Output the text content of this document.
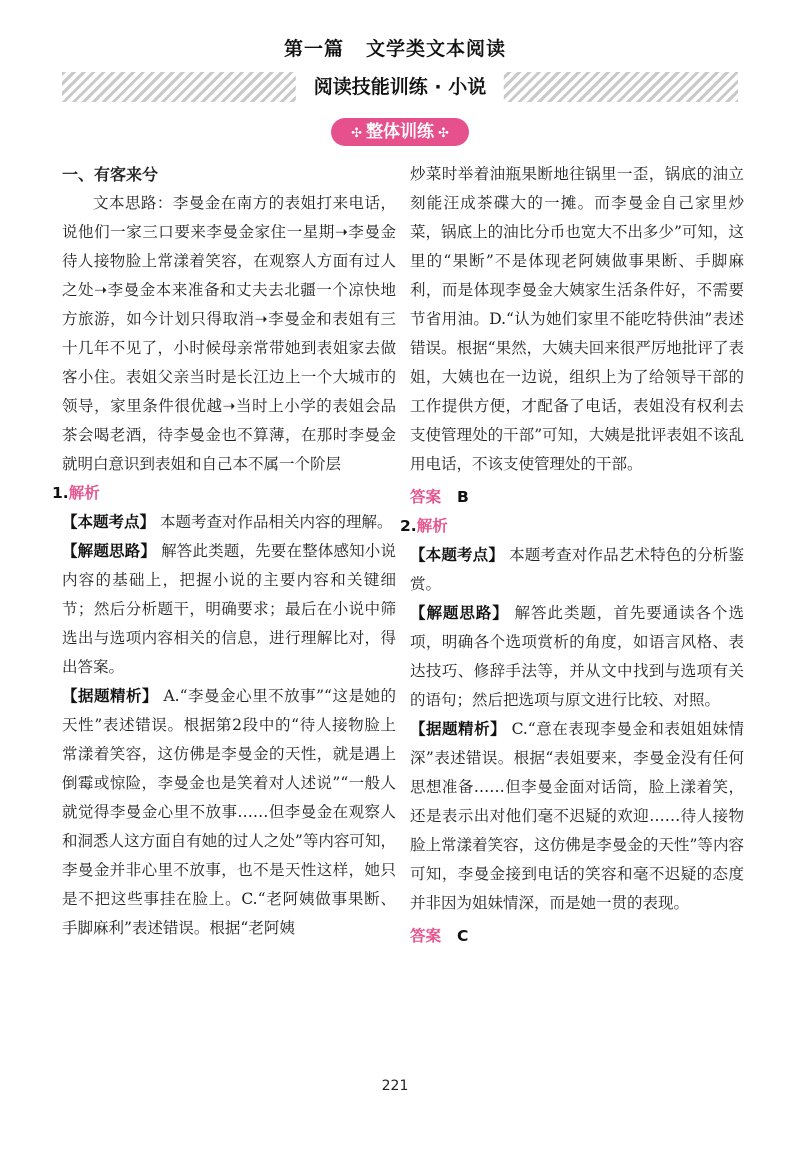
第一篇 文学类文本阅读
阅读技能训练 · 小说
✣ 整体训练 ✣

一、有客来兮

文本思路：李曼金在南方的表姐打来电话，说他们一家三口要来李曼金家住一星期➝李曼金待人接物脸上常漾着笑容，在观察人方面有过人之处➝李曼金本来准备和丈夫去北疆一个凉快地方旅游，如今计划只得取消➝李曼金和表姐有三十几年不见了，小时候母亲常带她到表姐家去做客小住。表姐父亲当时是长江边上一个大城市的领导，家里条件很优越➝当时上小学的表姐会品茶会喝老酒，待李曼金也不算薄，在那时李曼金就明白意识到表姐和自己本不属一个阶层

1.解析

【本题考点】 本题考查对作品相关内容的理解。

【解题思路】 解答此类题，先要在整体感知小说内容的基础上，把握小说的主要内容和关键细节；然后分析题干，明确要求；最后在小说中筛选出与选项内容相关的信息，进行理解比对，得出答案。

【据题精析】 A.“李曼金心里不放事”“这是她的天性”表述错误。根据第2段中的“待人接物脸上常漾着笑容，这仿佛是李曼金的天性，就是遇上倒霉或惊险，李曼金也是笑着对人述说”“一般人就觉得李曼金心里不放事……但李曼金在观察人和洞悉人这方面自有她的过人之处”等内容可知，李曼金并非心里不放事，也不是天性这样，她只是不把这些事挂在脸上。C.“老阿姨做事果断、手脚麻利”表述错误。根据“老阿姨

炒菜时举着油瓶果断地往锅里一歪，锅底的油立刻能汪成茶碟大的一摊。而李曼金自己家里炒菜，锅底上的油比分币也宽大不出多少”可知，这里的“果断”不是体现老阿姨做事果断、手脚麻利，而是体现李曼金大姨家生活条件好，不需要节省用油。D.“认为她们家里不能吃特供油”表述错误。根据“果然，大姨夫回来很严厉地批评了表姐，大姨也在一边说，组织上为了给领导干部的工作提供方便，才配备了电话，表姐没有权利去支使管理处的干部”可知，大姨是批评表姐不该乱用电话，不该支使管理处的干部。

答案 B
2.解析

【本题考点】 本题考查对作品艺术特色的分析鉴赏。

【解题思路】 解答此类题，首先要通读各个选项，明确各个选项赏析的角度，如语言风格、表达技巧、修辞手法等，并从文中找到与选项有关的语句；然后把选项与原文进行比较、对照。

【据题精析】 C.“意在表现李曼金和表姐姐妹情深”表述错误。根据“表姐要来，李曼金没有任何思想准备……但李曼金面对话筒，脸上漾着笑，还是表示出对他们毫不迟疑的欢迎……待人接物脸上常漾着笑容，这仿佛是李曼金的天性”等内容可知，李曼金接到电话的笑容和毫不迟疑的态度并非因为姐妹情深，而是她一贯的表现。

答案 C
221
